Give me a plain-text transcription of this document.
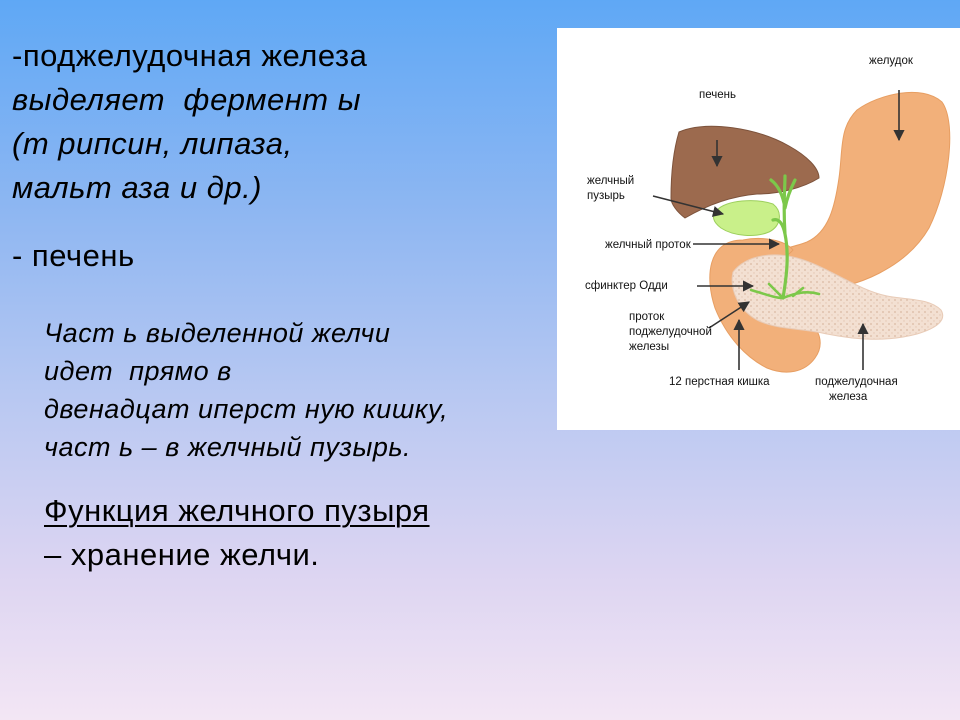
-поджелудочная железа
выделяет  фермент ы
(т рипсин, липаза,
мальт аза и др.)
- печень
Част ь выделенной желчи
идет  прямо в
двенадцат иперст ную кишку,
част ь – в желчный пузырь.
Функция желчного пузыря
– хранение желчи.
желудок
печень
желчный
пузырь
желчный проток
сфинктер Одди
проток
поджелудочной
железы
12 перстная кишка	поджелудочная
железа
